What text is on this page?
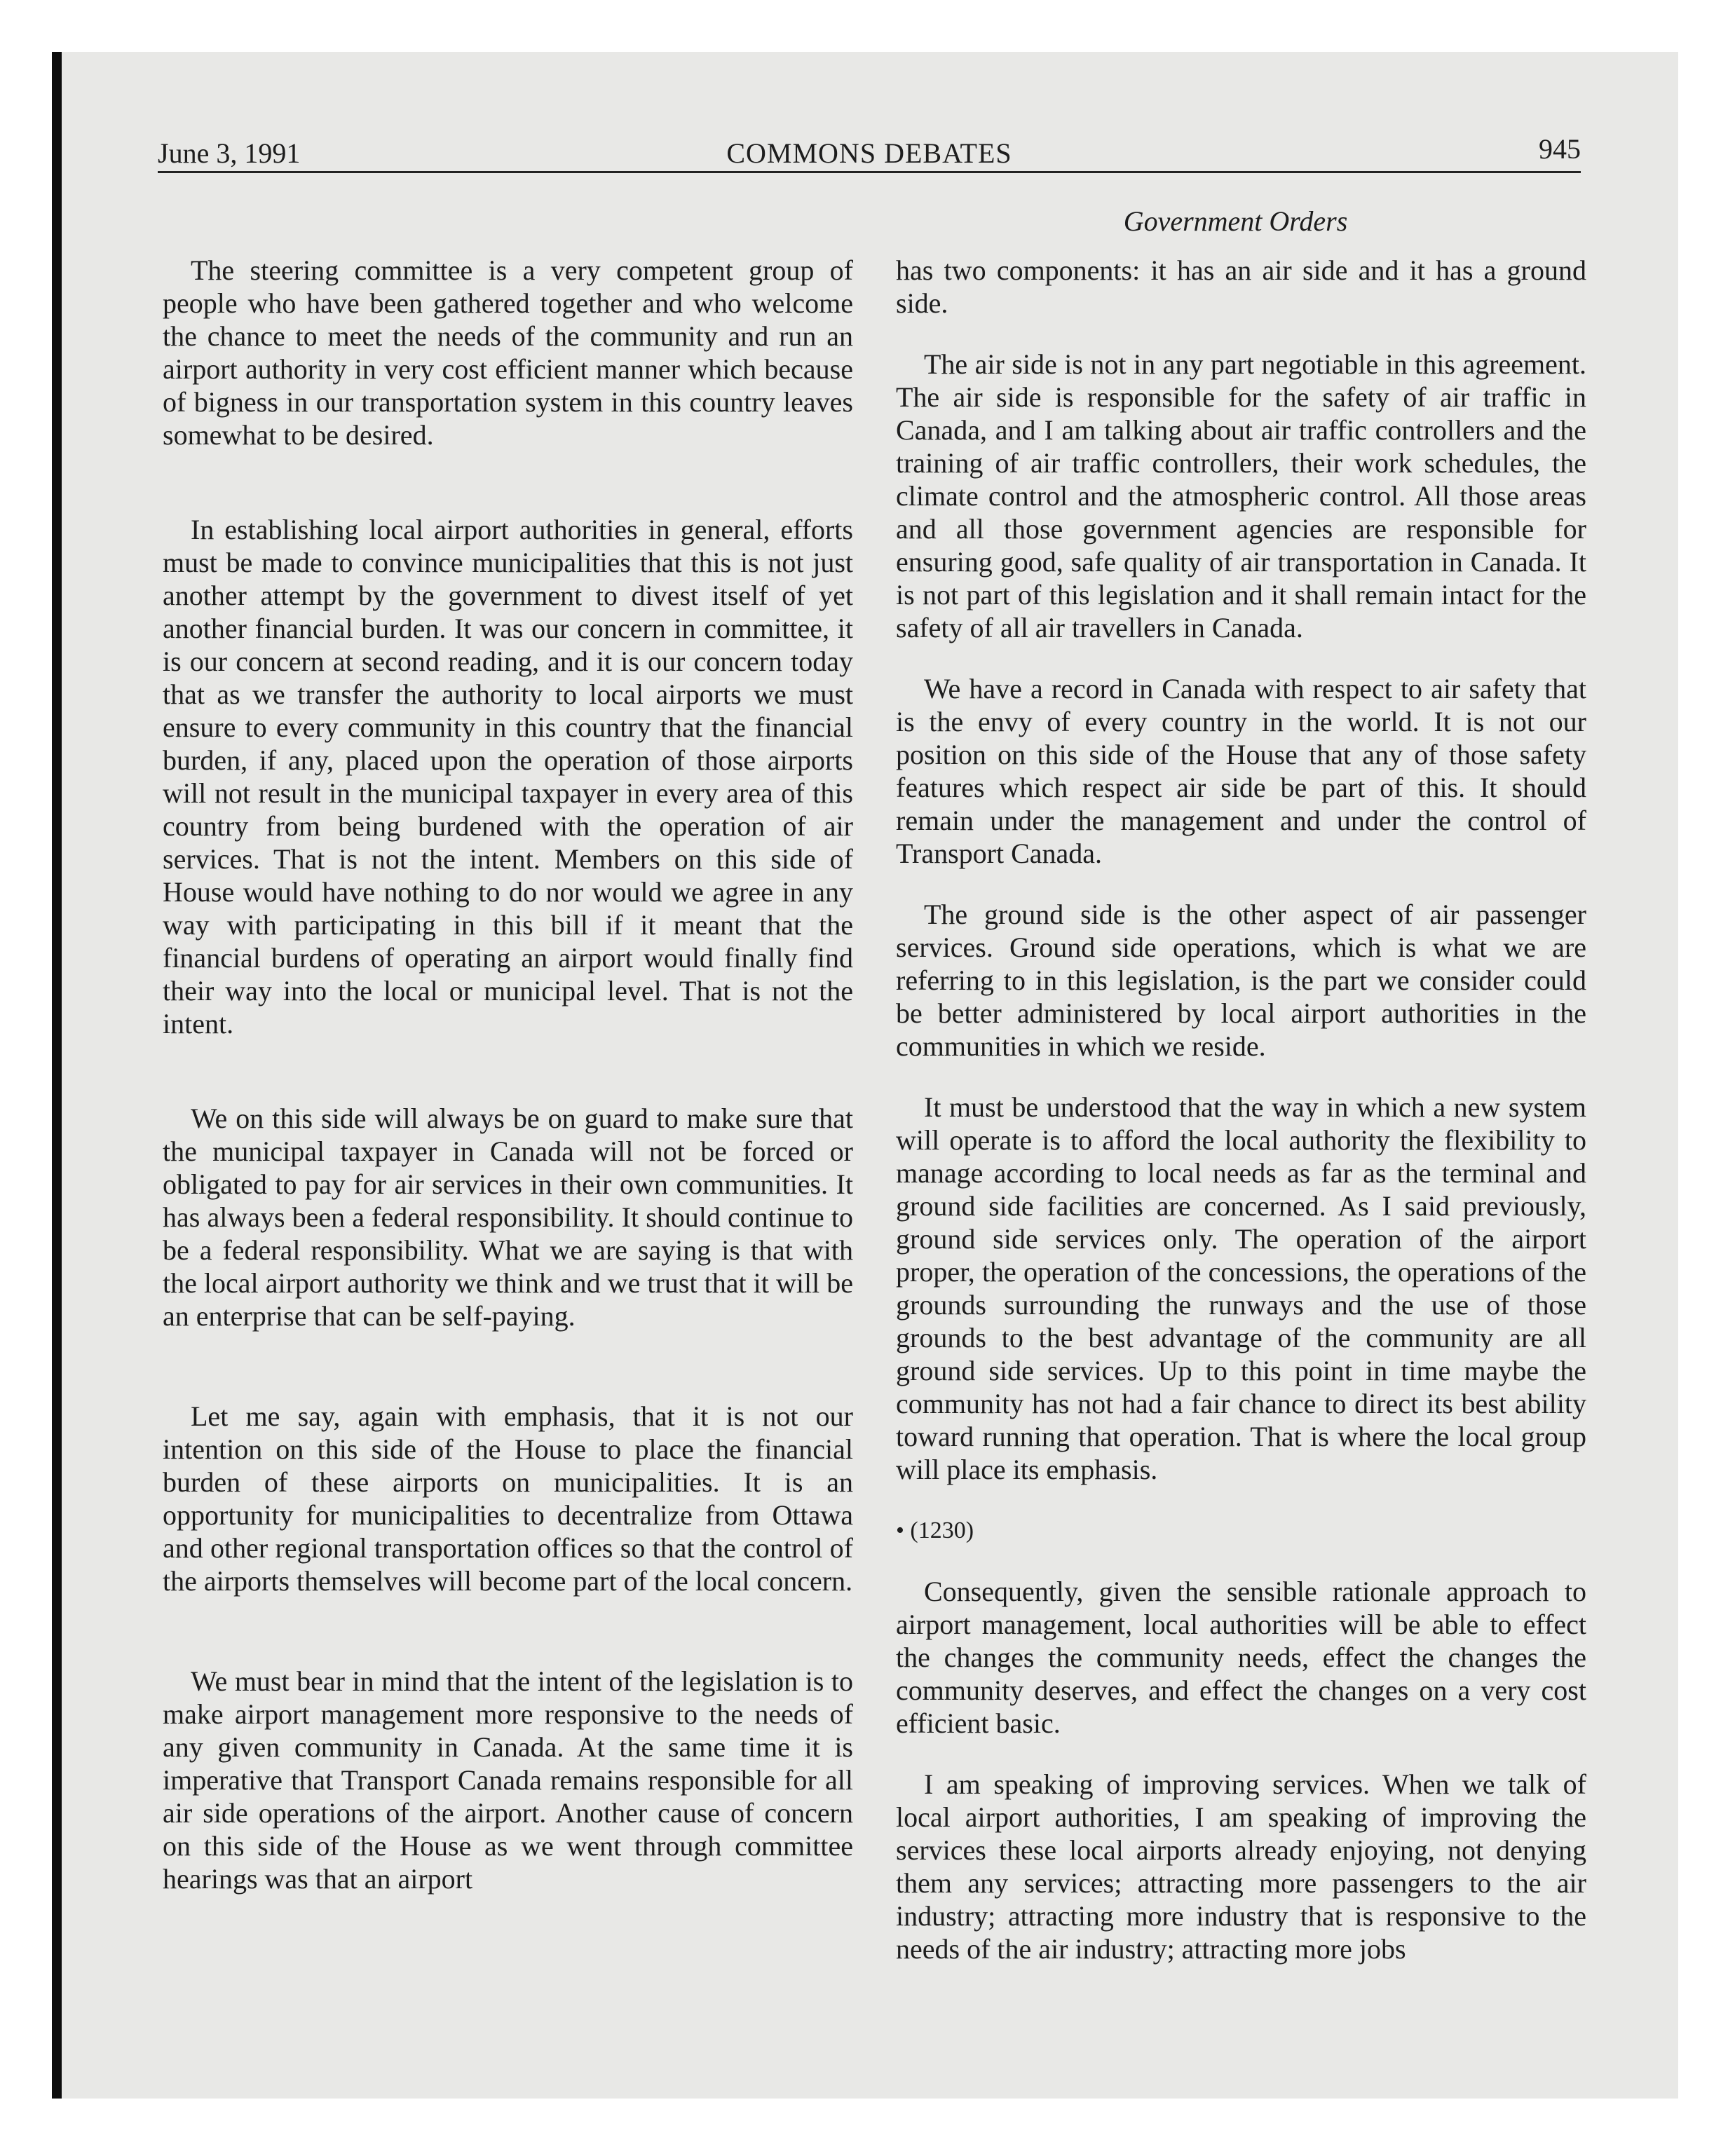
June 3, 1991	COMMONS DEBATES	945
Government Orders

The steering committee is a very competent group of people who have been gathered together and who welcome the chance to meet the needs of the community and run an airport authority in very cost efficient manner which because of bigness in our transportation system in this country leaves somewhat to be desired.

In establishing local airport authorities in general, efforts must be made to convince municipalities that this is not just another attempt by the government to divest itself of yet another financial burden. It was our concern in committee, it is our concern at second reading, and it is our concern today that as we transfer the authority to local airports we must ensure to every community in this country that the financial burden, if any, placed upon the operation of those airports will not result in the municipal taxpayer in every area of this country from being burdened with the operation of air services. That is not the intent. Members on this side of House would have nothing to do nor would we agree in any way with participating in this bill if it meant that the financial burdens of operating an airport would finally find their way into the local or municipal level. That is not the intent.

We on this side will always be on guard to make sure that the municipal taxpayer in Canada will not be forced or obligated to pay for air services in their own communities. It has always been a federal responsibility. It should continue to be a federal responsibility. What we are saying is that with the local airport authority we think and we trust that it will be an enterprise that can be self-paying.

Let me say, again with emphasis, that it is not our intention on this side of the House to place the financial burden of these airports on municipalities. It is an opportunity for municipalities to decentralize from Ottawa and other regional transportation offices so that the control of the airports themselves will become part of the local concern.

We must bear in mind that the intent of the legislation is to make airport management more responsive to the needs of any given community in Canada. At the same time it is imperative that Transport Canada remains responsible for all air side operations of the airport. Another cause of concern on this side of the House as we went through committee hearings was that an airport

has two components: it has an air side and it has a ground side.

The air side is not in any part negotiable in this agreement. The air side is responsible for the safety of air traffic in Canada, and I am talking about air traffic controllers and the training of air traffic controllers, their work schedules, the climate control and the atmospheric control. All those areas and all those government agencies are responsible for ensuring good, safe quality of air transportation in Canada. It is not part of this legislation and it shall remain intact for the safety of all air travellers in Canada.

We have a record in Canada with respect to air safety that is the envy of every country in the world. It is not our position on this side of the House that any of those safety features which respect air side be part of this. It should remain under the management and under the control of Transport Canada.

The ground side is the other aspect of air passenger services. Ground side operations, which is what we are referring to in this legislation, is the part we consider could be better administered by local airport authorities in the communities in which we reside.

It must be understood that the way in which a new system will operate is to afford the local authority the flexibility to manage according to local needs as far as the terminal and ground side facilities are concerned. As I said previously, ground side services only. The operation of the airport proper, the operation of the concessions, the operations of the grounds surrounding the runways and the use of those grounds to the best advantage of the community are all ground side services. Up to this point in time maybe the community has not had a fair chance to direct its best ability toward running that operation. That is where the local group will place its emphasis.

• (1230)

Consequently, given the sensible rationale approach to airport management, local authorities will be able to effect the changes the community needs, effect the changes the community deserves, and effect the changes on a very cost efficient basic.

I am speaking of improving services. When we talk of local airport authorities, I am speaking of improving the services these local airports already enjoying, not denying them any services; attracting more passengers to the air industry; attracting more industry that is responsive to the needs of the air industry; attracting more jobs
